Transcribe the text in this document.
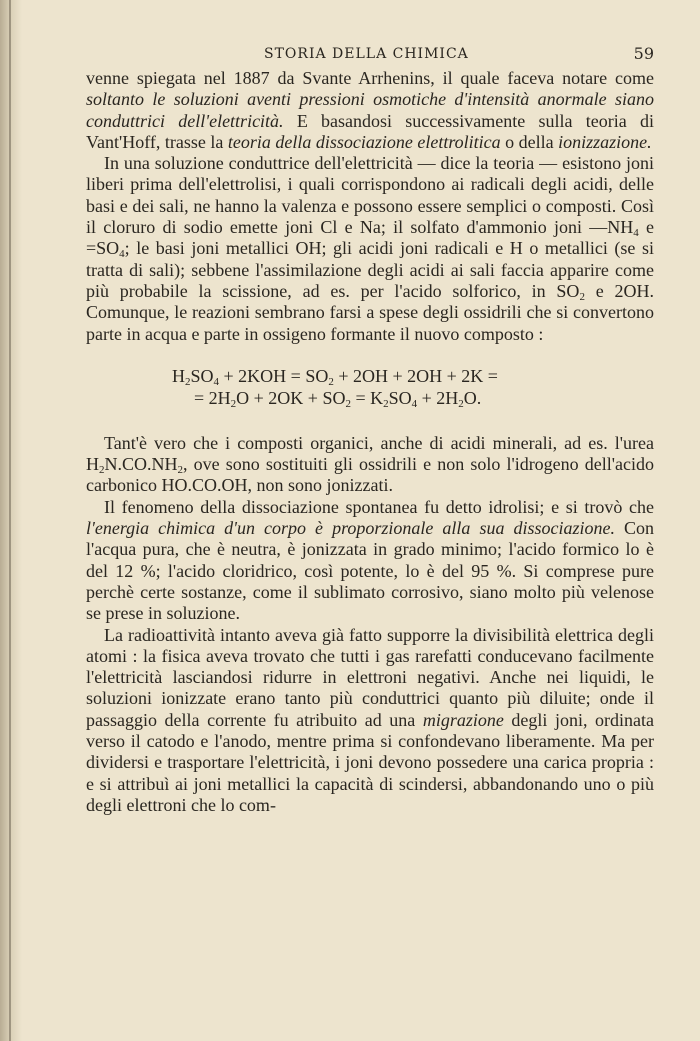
STORIA DELLA CHIMICA	59

venne spiegata nel 1887 da Svante Arrhenins, il quale faceva notare come soltanto le soluzioni aventi pressioni osmotiche d'intensità anormale siano conduttrici dell'elettricità. E basandosi successivamente sulla teoria di Vant'Hoff, trasse la teoria della dissociazione elettrolitica o della ionizzazione.

In una soluzione conduttrice dell'elettricità — dice la teoria — esistono joni liberi prima dell'elettrolisi, i quali corrispondono ai radicali degli acidi, delle basi e dei sali, ne hanno la valenza e possono essere semplici o composti. Così il cloruro di sodio emette joni Cl e Na; il solfato d'ammonio joni $—NH_4$ $e =SO_4$; le basi joni metallici OH; gli acidi joni radicali e H o metallici (se si tratta di sali); sebbene l'assimilazione degli acidi ai sali faccia apparire come più probabile la scissione, ad es. per l'acido solforico, in $SO_2$ e 2OH. Comunque, le reazioni sembrano farsi a spese degli ossidrili che si convertono parte in acqua e parte in ossigeno formante il nuovo composto :

$H_2SO_4 + 2KOH = SO_2 + 2OH + 2OH + 2K$ =
= $2H_2O + 2OK + SO_2 = K_2SO_4 + 2H_2O$.

Tant'è vero che i composti organici, anche di acidi minerali, ad es. l'urea $H_2N.CO.NH_2$, ove sono sostituiti gli ossidrili e non solo l'idrogeno dell'acido carbonico HO.CO.OH, non sono jonizzati.

Il fenomeno della dissociazione spontanea fu detto idrolisi; e si trovò che l'energia chimica d'un corpo è proporzionale alla sua dissociazione. Con l'acqua pura, che è neutra, è jonizzata in grado minimo; l'acido formico lo è del 12 %; l'acido cloridrico, così potente, lo è del 95 %. Si comprese pure perchè certe sostanze, come il sublimato corrosivo, siano molto più velenose se prese in soluzione.

La radioattività intanto aveva già fatto supporre la divisibilità elettrica degli atomi : la fisica aveva trovato che tutti i gas rarefatti conducevano facilmente l'elettricità lasciandosi ridurre in elettroni negativi. Anche nei liquidi, le soluzioni ionizzate erano tanto più conduttrici quanto più diluite; onde il passaggio della corrente fu atribuito ad una migrazione degli joni, ordinata verso il catodo e l'anodo, mentre prima si confondevano liberamente. Ma per dividersi e trasportare l'elettricità, i joni devono possedere una carica propria : e si attribuì ai joni metallici la capacità di scindersi, abbandonando uno o più degli elettroni che lo com-
